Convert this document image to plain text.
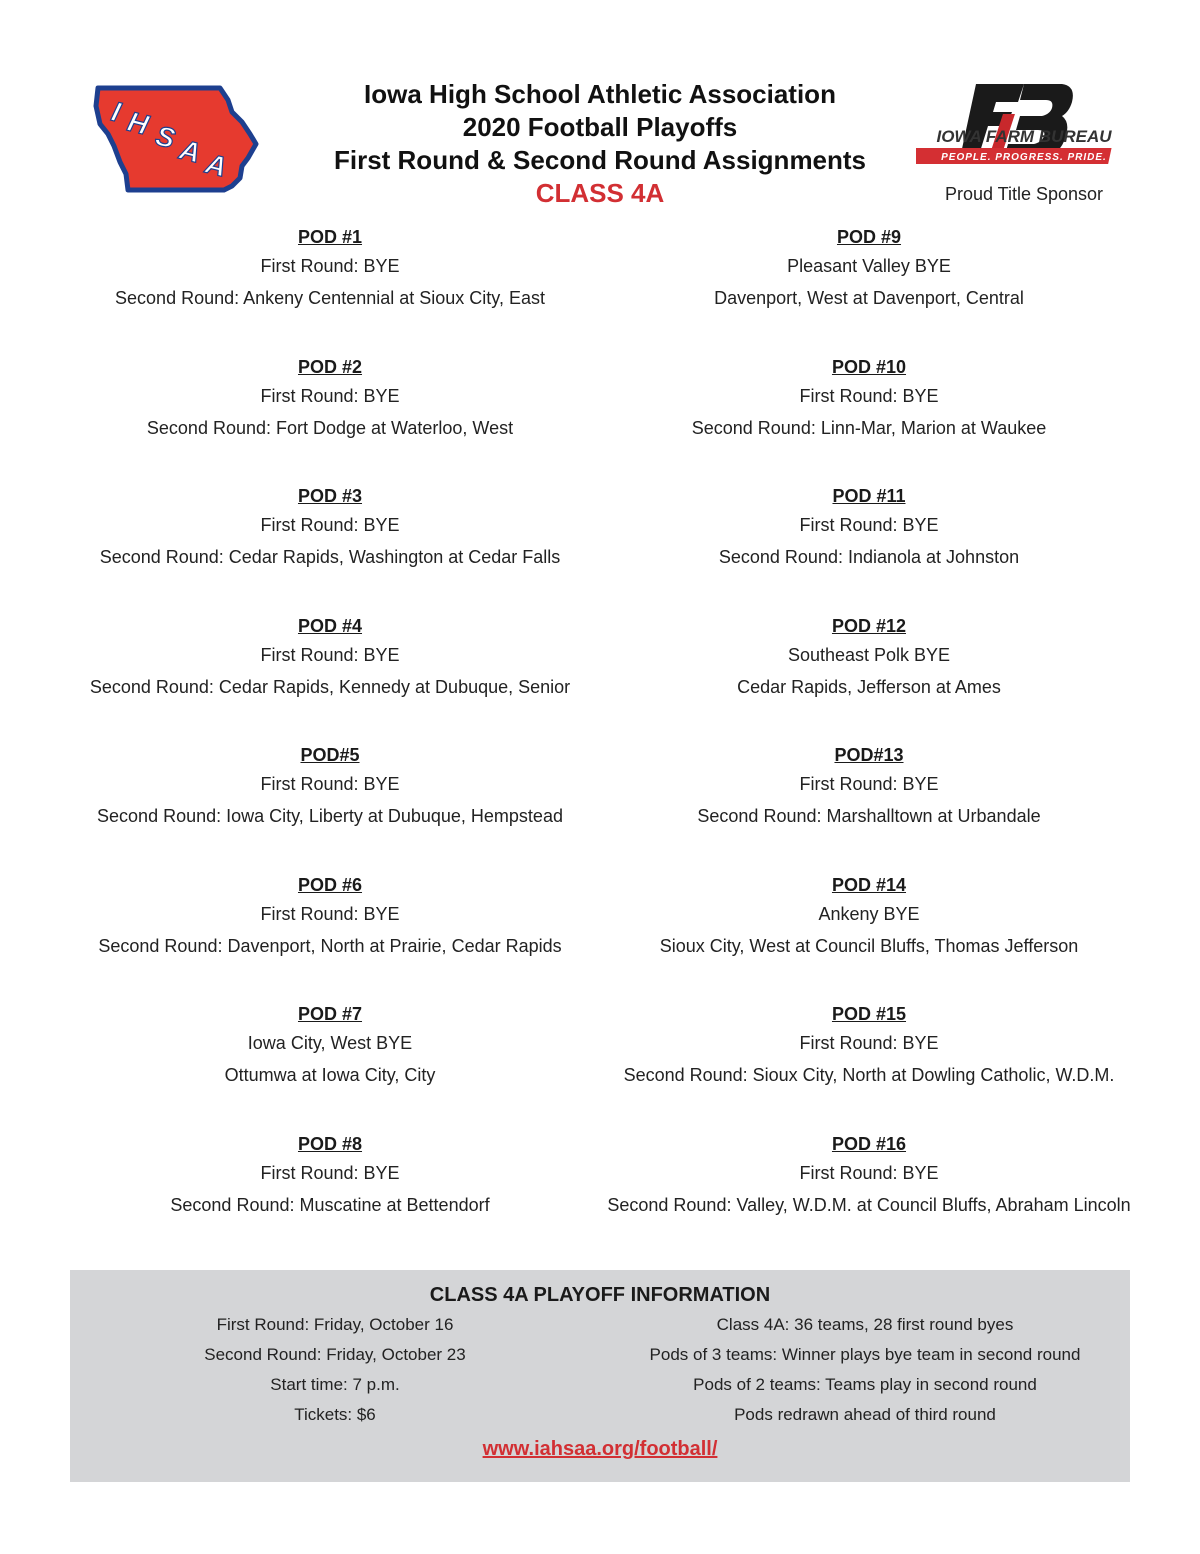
I H S
A
A
Iowa High School Athletic Association
2020 Football Playoffs
First Round & Second Round Assignments
CLASS 4A
IOWA FARM BUREAU
PEOPLE. PROGRESS. PRIDE.
Proud Title Sponsor
POD #1
First Round: BYE
Second Round: Ankeny Centennial at Sioux City, East
POD #2
First Round: BYE
Second Round: Fort Dodge at Waterloo, West
POD #3
First Round: BYE
Second Round: Cedar Rapids, Washington at Cedar Falls
POD #4
First Round: BYE
Second Round: Cedar Rapids, Kennedy at Dubuque, Senior
POD#5
First Round: BYE
Second Round: Iowa City, Liberty at Dubuque, Hempstead
POD #6
First Round: BYE
Second Round: Davenport, North at Prairie, Cedar Rapids
POD #7
Iowa City, West BYE
Ottumwa at Iowa City, City
POD #8
First Round: BYE
Second Round: Muscatine at Bettendorf
POD #9
Pleasant Valley BYE
Davenport, West at Davenport, Central
POD #10
First Round: BYE
Second Round: Linn-Mar, Marion at Waukee
POD #11
First Round: BYE
Second Round: Indianola at Johnston
POD #12
Southeast Polk BYE
Cedar Rapids, Jefferson at Ames
POD#13
First Round: BYE
Second Round: Marshalltown at Urbandale
POD #14
Ankeny BYE
Sioux City, West at Council Bluffs, Thomas Jefferson
POD #15
First Round: BYE
Second Round: Sioux City, North at Dowling Catholic, W.D.M.
POD #16
First Round: BYE
Second Round: Valley, W.D.M. at Council Bluffs, Abraham Lincoln
CLASS 4A PLAYOFF INFORMATION
First Round: Friday, October 16
Second Round: Friday, October 23
Start time: 7 p.m.
Tickets: $6
Class 4A: 36 teams, 28 first round byes
Pods of 3 teams: Winner plays bye team in second round
Pods of 2 teams: Teams play in second round
Pods redrawn ahead of third round
www.iahsaa.org/football/
